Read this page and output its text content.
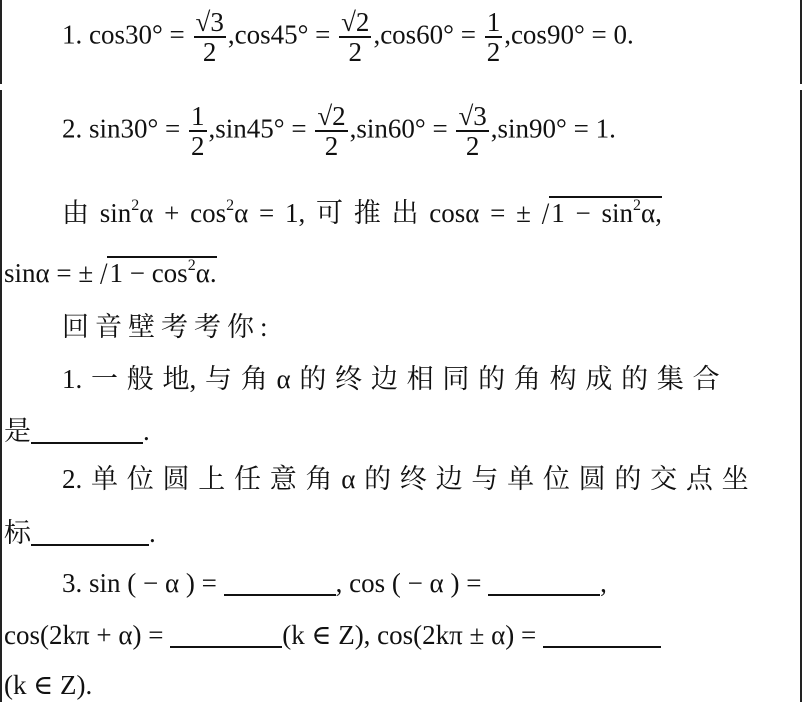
1. $\cos 30^\circ = \frac{√3}{2} ,\cos 45^\circ = \frac{√2}{2} ,\cos 60^\circ = \frac{1}{2} ,\cos 90^\circ = 0$.
2. $\sin 30^\circ = \frac{1}{2} ,\sin 45^\circ = \frac{√2}{2} ,\sin 60^\circ = \frac{√3}{2} ,\sin 90^\circ = 1$.
由 $\sin^2\alpha + \cos^2\alpha = 1$, 可 推 出 cosα = ± $/1 - \sin^2\alpha$,
sinα = ± $/1 - \cos^2\alpha$.
回音壁考考你:
1. 一 般 地, 与 角 α 的 终 边 相 同 的 角 构 成 的 集 合
是	.
2. 单 位 圆 上 任 意 角 α 的 终 边 与 单 位 圆 的 交 点 坐
标	.
3. sin ( − α ) =	, cos ( − α ) =	,
cos(2kπ + α) =	(k ∈ Z), cos(2kπ ± α) =
(k ∈ Z).
